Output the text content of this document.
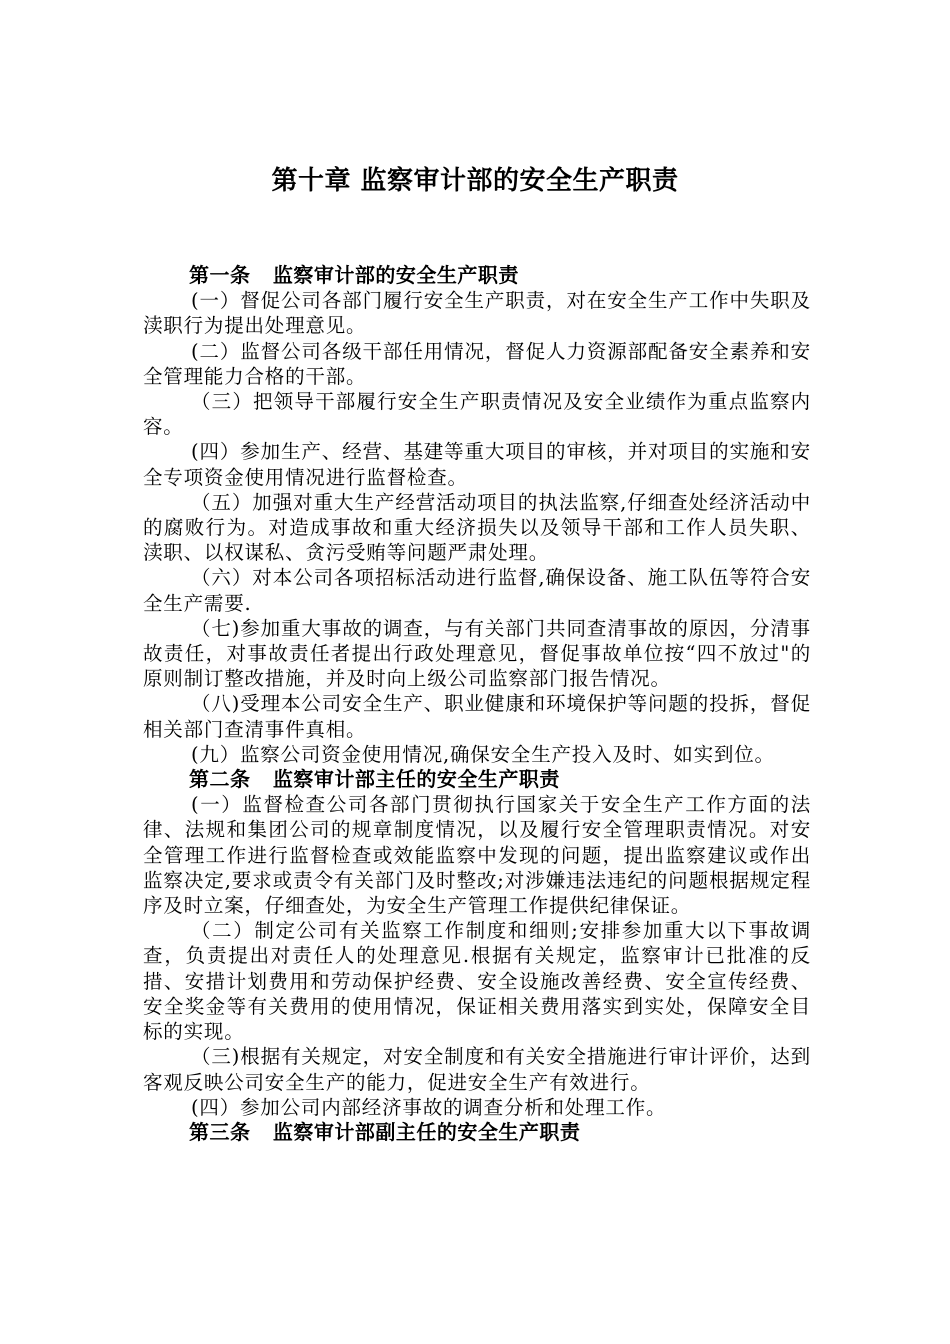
第十章 监察审计部的安全生产职责
第一条   监察审计部的安全生产职责

(一）督促公司各部门履行安全生产职责，对在安全生产工作中失职及渎职行为提出处理意见。

(二）监督公司各级干部任用情况，督促人力资源部配备安全素养和安全管理能力合格的干部。

（三）把领导干部履行安全生产职责情况及安全业绩作为重点监察内容。

(四）参加生产、经营、基建等重大项目的审核，并对项目的实施和安全专项资金使用情况进行监督检查。

（五）加强对重大生产经营活动项目的执法监察,仔细查处经济活动中的腐败行为。对造成事故和重大经济损失以及领导干部和工作人员失职、渎职、以权谋私、贪污受贿等问题严肃处理。

（六）对本公司各项招标活动进行监督,确保设备、施工队伍等符合安全生产需要.

（七)参加重大事故的调查，与有关部门共同查清事故的原因，分清事故责任，对事故责任者提出行政处理意见，督促事故单位按“四不放过"的原则制订整改措施，并及时向上级公司监察部门报告情况。

（八)受理本公司安全生产、职业健康和环境保护等问题的投拆，督促相关部门查清事件真相。

(九）监察公司资金使用情况,确保安全生产投入及时、如实到位。

第二条   监察审计部主任的安全生产职责

(一）监督检查公司各部门贯彻执行国家关于安全生产工作方面的法律、法规和集团公司的规章制度情况，以及履行安全管理职责情况。对安全管理工作进行监督检查或效能监察中发现的问题，提出监察建议或作出监察决定,要求或责令有关部门及时整改;对涉嫌违法违纪的问题根据规定程序及时立案，仔细查处，为安全生产管理工作提供纪律保证。

（二）制定公司有关监察工作制度和细则;安排参加重大以下事故调查，负责提出对责任人的处理意见.根据有关规定，监察审计已批准的反措、安措计划费用和劳动保护经费、安全设施改善经费、安全宣传经费、安全奖金等有关费用的使用情况，保证相关费用落实到实处，保障安全目标的实现。

（三)根据有关规定，对安全制度和有关安全措施进行审计评价，达到客观反映公司安全生产的能力，促进安全生产有效进行。

(四）参加公司内部经济事故的调查分析和处理工作。

第三条   监察审计部副主任的安全生产职责
